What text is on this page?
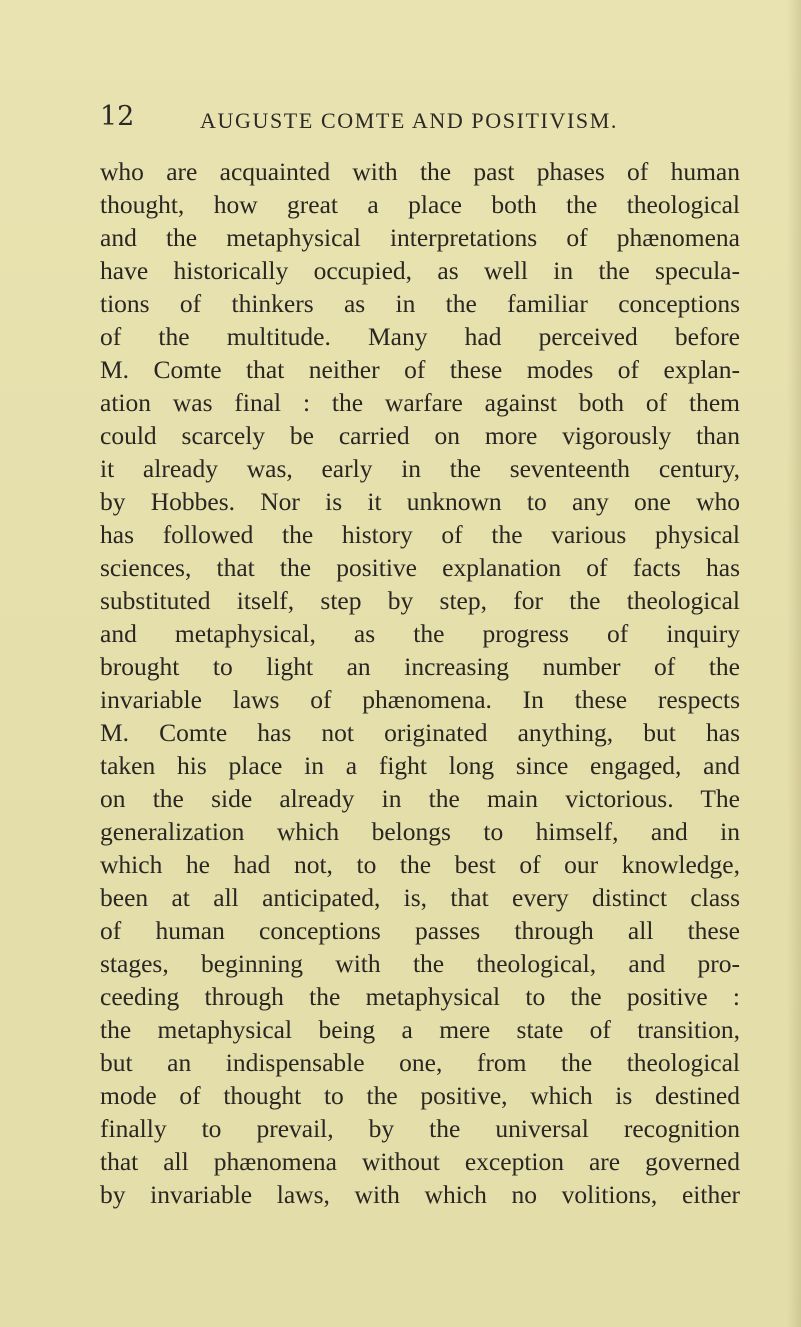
12	AUGUSTE COMTE AND POSITIVISM.
who are acquainted with the past phases of human
thought, how great a place both the theological
and the metaphysical interpretations of phænomena
have historically occupied, as well in the specula-
tions of thinkers as in the familiar conceptions
of the multitude. Many had perceived before
M. Comte that neither of these modes of explan-
ation was final : the warfare against both of them
could scarcely be carried on more vigorously than
it already was, early in the seventeenth century,
by Hobbes. Nor is it unknown to any one who
has followed the history of the various physical
sciences, that the positive explanation of facts has
substituted itself, step by step, for the theological
and metaphysical, as the progress of inquiry
brought to light an increasing number of the
invariable laws of phænomena. In these respects
M. Comte has not originated anything, but has
taken his place in a fight long since engaged, and
on the side already in the main victorious. The
generalization which belongs to himself, and in
which he had not, to the best of our knowledge,
been at all anticipated, is, that every distinct class
of human conceptions passes through all these
stages, beginning with the theological, and pro-
ceeding through the metaphysical to the positive :
the metaphysical being a mere state of transition,
but an indispensable one, from the theological
mode of thought to the positive, which is destined
finally to prevail, by the universal recognition
that all phænomena without exception are governed
by invariable laws, with which no volitions, either
